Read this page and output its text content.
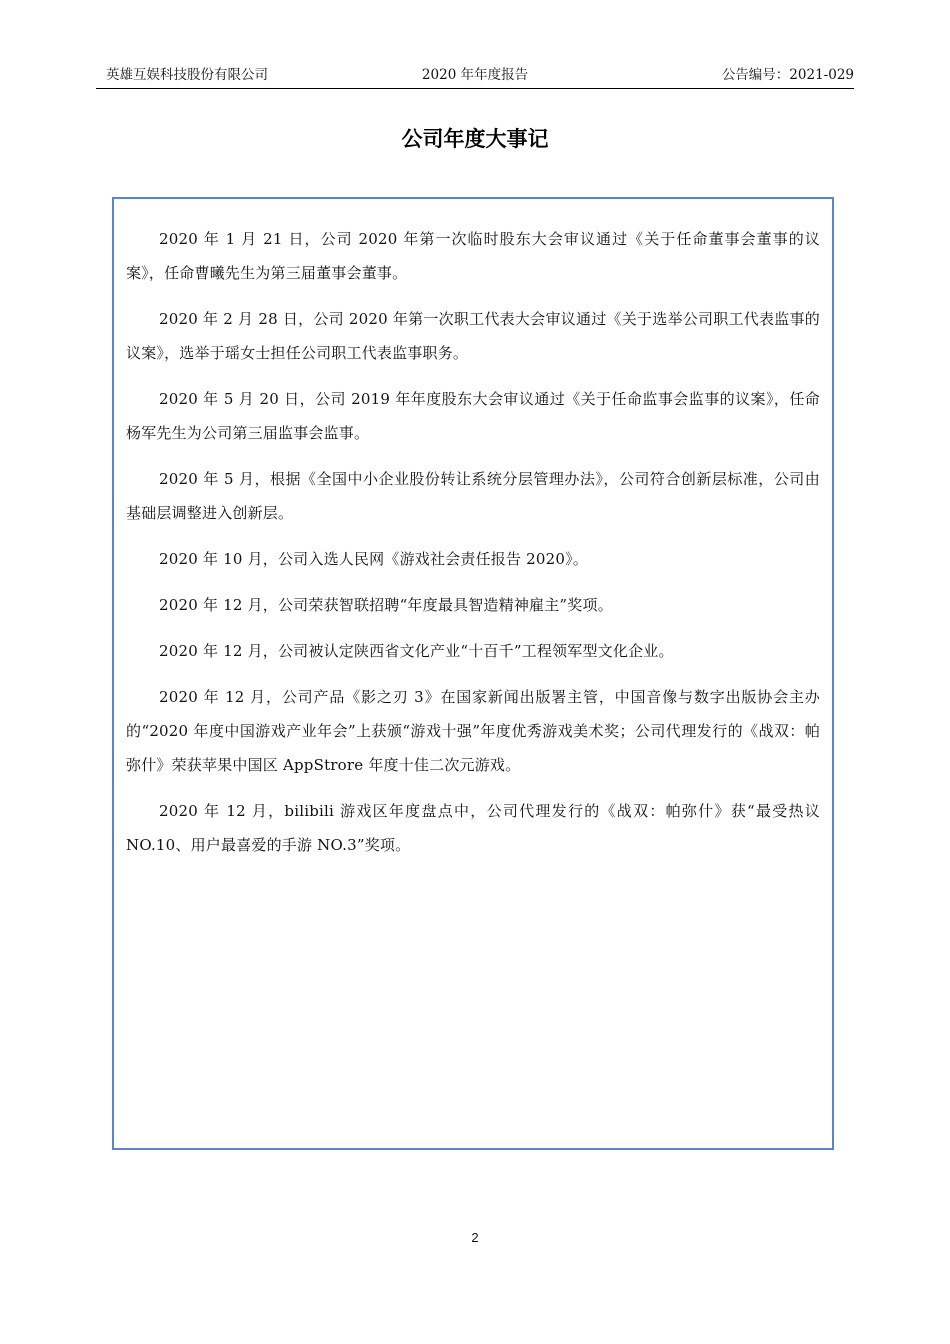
英雄互娱科技股份有限公司	2020 年年度报告	公告编号：2021-029
公司年度大事记

2020 年 1 月 21 日，公司 2020 年第一次临时股东大会审议通过《关于任命董事会董事的议案》，任命曹曦先生为第三届董事会董事。

2020 年 2 月 28 日，公司 2020 年第一次职工代表大会审议通过《关于选举公司职工代表监事的议案》，选举于瑶女士担任公司职工代表监事职务。

2020 年 5 月 20 日，公司 2019 年年度股东大会审议通过《关于任命监事会监事的议案》，任命杨军先生为公司第三届监事会监事。

2020 年 5 月，根据《全国中小企业股份转让系统分层管理办法》，公司符合创新层标准，公司由基础层调整进入创新层。

2020 年 10 月，公司入选人民网《游戏社会责任报告 2020》。

2020 年 12 月，公司荣获智联招聘“年度最具智造精神雇主”奖项。

2020 年 12 月，公司被认定陕西省文化产业“十百千”工程领军型文化企业。

2020 年 12 月，公司产品《影之刃 3》在国家新闻出版署主管，中国音像与数字出版协会主办的“2020 年度中国游戏产业年会”上获颁“游戏十强”年度优秀游戏美术奖；公司代理发行的《战双：帕弥什》荣获苹果中国区 AppStrore 年度十佳二次元游戏。

2020 年 12 月，bilibili 游戏区年度盘点中，公司代理发行的《战双：帕弥什》获“最受热议 NO.10、用户最喜爱的手游 NO.3”奖项。

2
